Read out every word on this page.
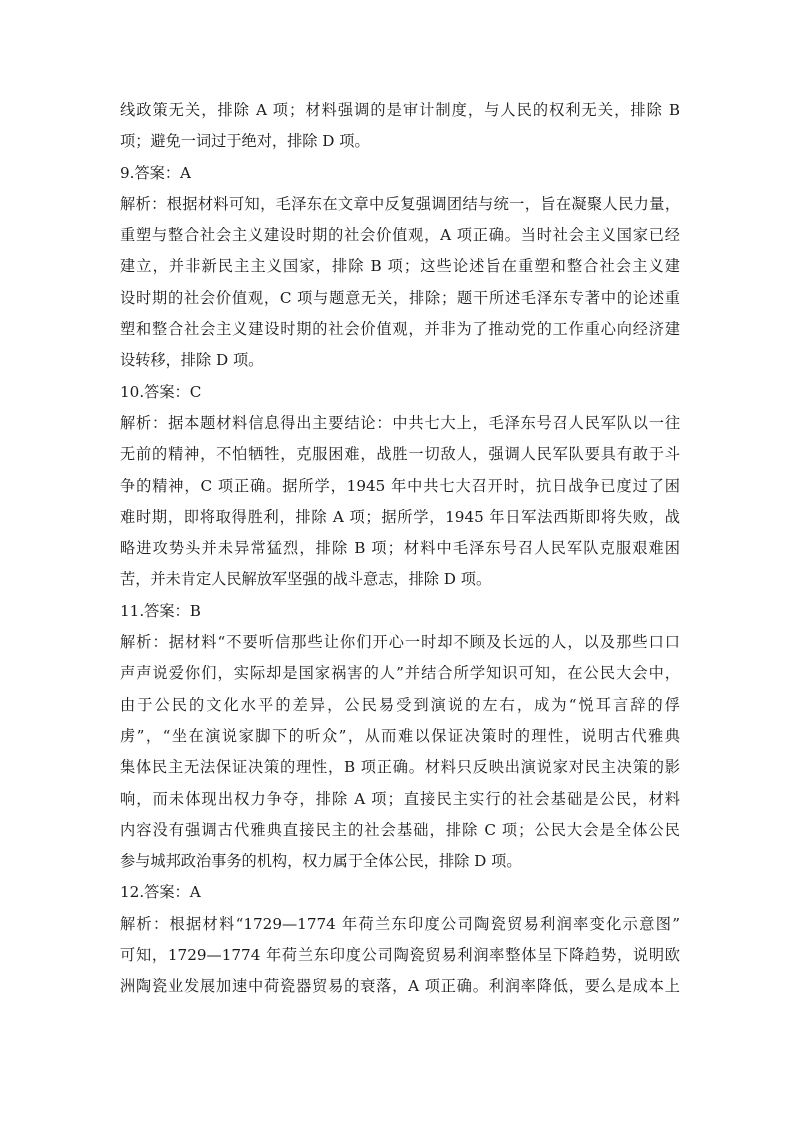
线政策无关，排除 A 项；材料强调的是审计制度，与人民的权利无关，排除 B
项；避免一词过于绝对，排除 D 项。
9.答案：A
解析：根据材料可知，毛泽东在文章中反复强调团结与统一，旨在凝聚人民力量，
重塑与整合社会主义建设时期的社会价值观，A 项正确。当时社会主义国家已经
建立，并非新民主主义国家，排除 B 项；这些论述旨在重塑和整合社会主义建
设时期的社会价值观，C 项与题意无关，排除；题干所述毛泽东专著中的论述重
塑和整合社会主义建设时期的社会价值观，并非为了推动党的工作重心向经济建
设转移，排除 D 项。
10.答案：C
解析：据本题材料信息得出主要结论：中共七大上，毛泽东号召人民军队以一往
无前的精神，不怕牺牲，克服困难，战胜一切敌人，强调人民军队要具有敢于斗
争的精神，C 项正确。据所学，1945 年中共七大召开时，抗日战争已度过了困
难时期，即将取得胜利，排除 A 项；据所学，1945 年日军法西斯即将失败，战
略进攻势头并未异常猛烈，排除 B 项；材料中毛泽东号召人民军队克服艰难困
苦，并未肯定人民解放军坚强的战斗意志，排除 D 项。
11.答案：B
解析：据材料“不要听信那些让你们开心一时却不顾及长远的人，以及那些口口
声声说爱你们，实际却是国家祸害的人”并结合所学知识可知，在公民大会中，
由于公民的文化水平的差异，公民易受到演说的左右，成为“悦耳言辞的俘
虏”，“坐在演说家脚下的听众”，从而难以保证决策时的理性，说明古代雅典
集体民主无法保证决策的理性，B 项正确。材料只反映出演说家对民主决策的影
响，而未体现出权力争夺，排除 A 项；直接民主实行的社会基础是公民，材料
内容没有强调古代雅典直接民主的社会基础，排除 C 项；公民大会是全体公民
参与城邦政治事务的机构，权力属于全体公民，排除 D 项。
12.答案：A
解析：根据材料“1729—1774 年荷兰东印度公司陶瓷贸易利润率变化示意图”
可知，1729—1774 年荷兰东印度公司陶瓷贸易利润率整体呈下降趋势，说明欧
洲陶瓷业发展加速中荷瓷器贸易的衰落，A 项正确。利润率降低，要么是成本上
